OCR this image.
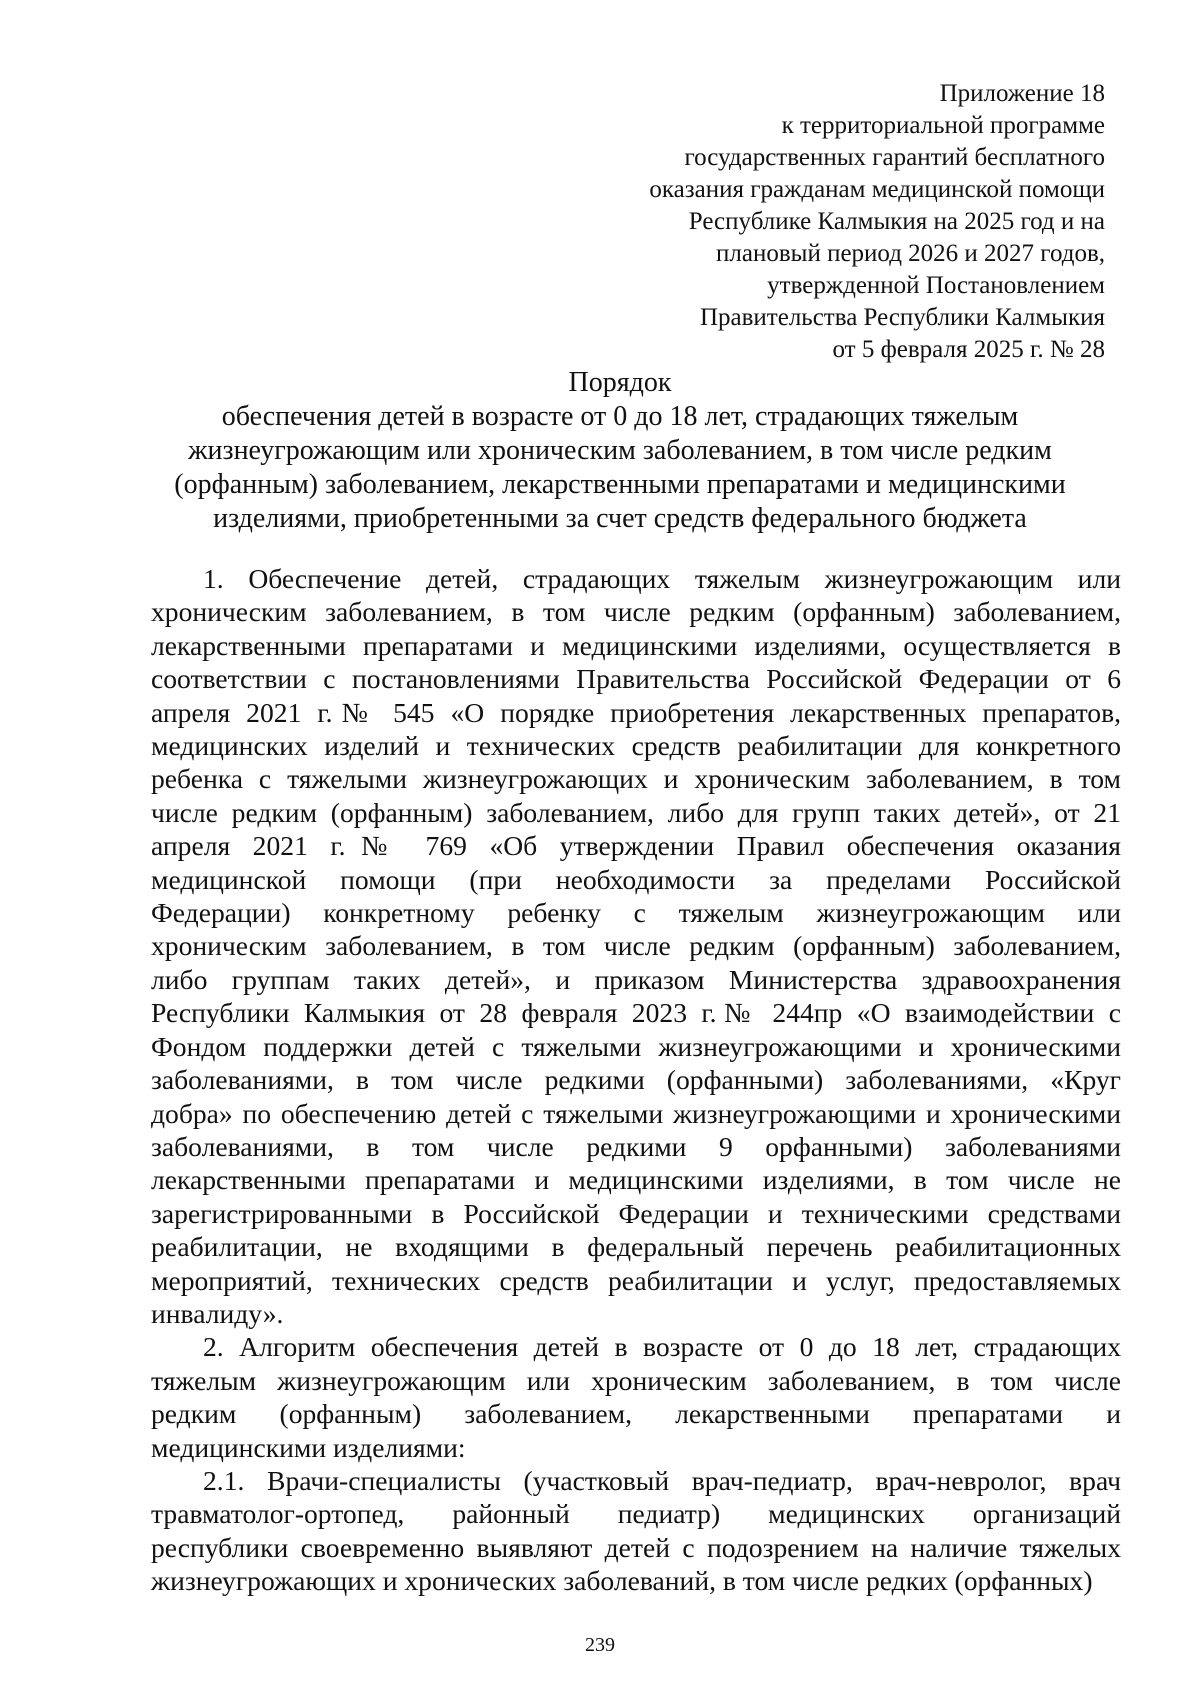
Приложение 18
к территориальной программе
государственных гарантий бесплатного
оказания гражданам медицинской помощи
Республике Калмыкия на 2025 год и на
плановый период 2026 и 2027 годов,
утвержденной Постановлением
Правительства Республики Калмыкия
от 5 февраля 2025 г. № 28
Порядок
обеспечения детей в возрасте от 0 до 18 лет, страдающих тяжелым
жизнеугрожающим или хроническим заболеванием, в том числе редким
(орфанным) заболеванием, лекарственными препаратами и медицинскими
изделиями, приобретенными за счет средств федерального бюджета
1. Обеспечение детей, страдающих тяжелым жизнеугрожающим или
хроническим заболеванием, в том числе редким (орфанным) заболеванием,
лекарственными препаратами и медицинскими изделиями, осуществляется в
соответствии с постановлениями Правительства Российской Федерации от 6
апреля 2021 г.№ 545 «О порядке приобретения лекарственных препаратов,
медицинских изделий и технических средств реабилитации для конкретного
ребенка с тяжелыми жизнеугрожающих и хроническим заболеванием, в том
числе редким (орфанным) заболеванием, либо для групп таких детей», от 21
апреля 2021 г.№ 769 «Об утверждении Правил обеспечения оказания
медицинской помощи (при необходимости за пределами Российской
Федерации) конкретному ребенку с тяжелым жизнеугрожающим или
хроническим заболеванием, в том числе редким (орфанным) заболеванием,
либо группам таких детей», и приказом Министерства здравоохранения
Республики Калмыкия от 28 февраля 2023 г.№ 244пр «О взаимодействии с
Фондом поддержки детей с тяжелыми жизнеугрожающими и хроническими
заболеваниями, в том числе редкими (орфанными) заболеваниями, «Круг
добра» по обеспечению детей с тяжелыми жизнеугрожающими и хроническими
заболеваниями, в том числе редкими 9 орфанными) заболеваниями
лекарственными препаратами и медицинскими изделиями, в том числе не
зарегистрированными в Российской Федерации и техническими средствами
реабилитации, не входящими в федеральный перечень реабилитационных
мероприятий, технических средств реабилитации и услуг, предоставляемых
инвалиду».
2. Алгоритм обеспечения детей в возрасте от 0 до 18 лет, страдающих
тяжелым жизнеугрожающим или хроническим заболеванием, в том числе
редким (орфанным) заболеванием, лекарственными препаратами и
медицинскими изделиями:
2.1. Врачи-специалисты (участковый врач-педиатр, врач-невролог, врач
травматолог-ортопед, районный педиатр) медицинских организаций
республики своевременно выявляют детей с подозрением на наличие тяжелых
жизнеугрожающих и хронических заболеваний, в том числе редких (орфанных)
239
